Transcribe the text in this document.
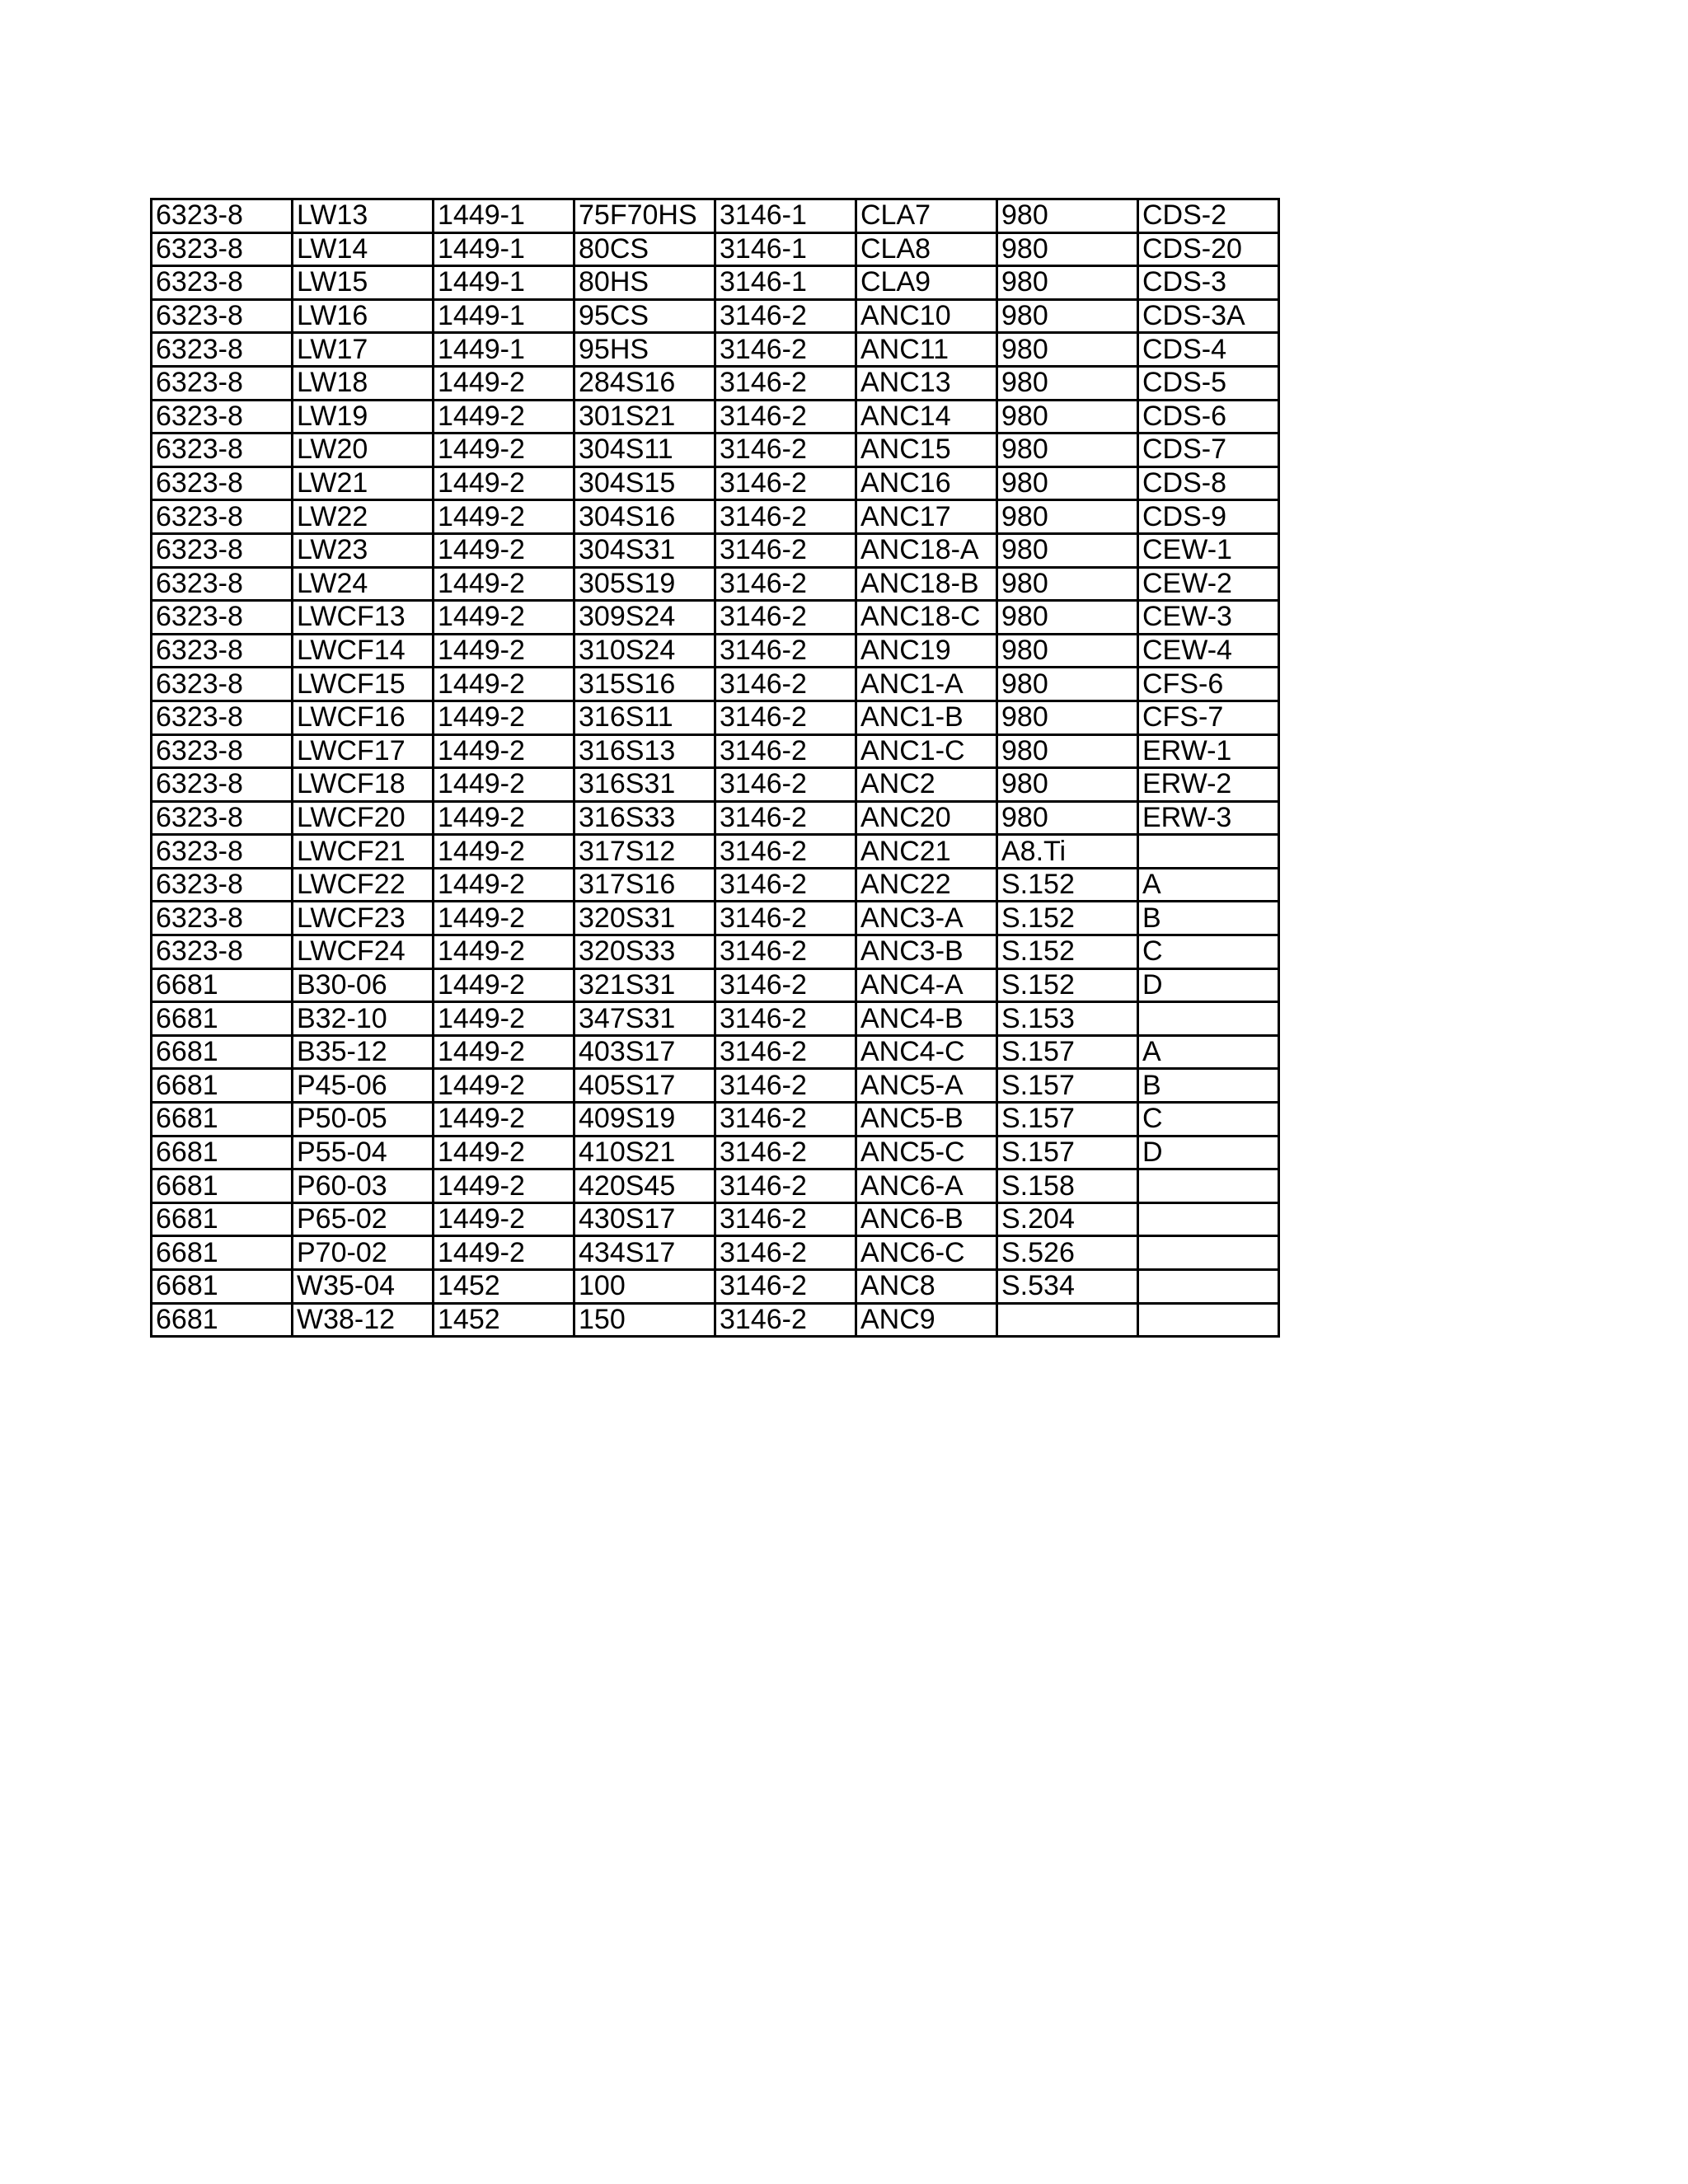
6323-8	LW13	1449-1	75F70HS	3146-1	CLA7	980	CDS-2
6323-8	LW14	1449-1	80CS	3146-1	CLA8	980	CDS-20
6323-8	LW15	1449-1	80HS	3146-1	CLA9	980	CDS-3
6323-8	LW16	1449-1	95CS	3146-2	ANC10	980	CDS-3A
6323-8	LW17	1449-1	95HS	3146-2	ANC11	980	CDS-4
6323-8	LW18	1449-2	284S16	3146-2	ANC13	980	CDS-5
6323-8	LW19	1449-2	301S21	3146-2	ANC14	980	CDS-6
6323-8	LW20	1449-2	304S11	3146-2	ANC15	980	CDS-7
6323-8	LW21	1449-2	304S15	3146-2	ANC16	980	CDS-8
6323-8	LW22	1449-2	304S16	3146-2	ANC17	980	CDS-9
6323-8	LW23	1449-2	304S31	3146-2	ANC18-A	980	CEW-1
6323-8	LW24	1449-2	305S19	3146-2	ANC18-B	980	CEW-2
6323-8	LWCF13	1449-2	309S24	3146-2	ANC18-C	980	CEW-3
6323-8	LWCF14	1449-2	310S24	3146-2	ANC19	980	CEW-4
6323-8	LWCF15	1449-2	315S16	3146-2	ANC1-A	980	CFS-6
6323-8	LWCF16	1449-2	316S11	3146-2	ANC1-B	980	CFS-7
6323-8	LWCF17	1449-2	316S13	3146-2	ANC1-C	980	ERW-1
6323-8	LWCF18	1449-2	316S31	3146-2	ANC2	980	ERW-2
6323-8	LWCF20	1449-2	316S33	3146-2	ANC20	980	ERW-3
6323-8	LWCF21	1449-2	317S12	3146-2	ANC21	A8.Ti	
6323-8	LWCF22	1449-2	317S16	3146-2	ANC22	S.152	A
6323-8	LWCF23	1449-2	320S31	3146-2	ANC3-A	S.152	B
6323-8	LWCF24	1449-2	320S33	3146-2	ANC3-B	S.152	C
6681	B30-06	1449-2	321S31	3146-2	ANC4-A	S.152	D
6681	B32-10	1449-2	347S31	3146-2	ANC4-B	S.153	
6681	B35-12	1449-2	403S17	3146-2	ANC4-C	S.157	A
6681	P45-06	1449-2	405S17	3146-2	ANC5-A	S.157	B
6681	P50-05	1449-2	409S19	3146-2	ANC5-B	S.157	C
6681	P55-04	1449-2	410S21	3146-2	ANC5-C	S.157	D
6681	P60-03	1449-2	420S45	3146-2	ANC6-A	S.158	
6681	P65-02	1449-2	430S17	3146-2	ANC6-B	S.204	
6681	P70-02	1449-2	434S17	3146-2	ANC6-C	S.526	
6681	W35-04	1452	100	3146-2	ANC8	S.534	
6681	W38-12	1452	150	3146-2	ANC9		
